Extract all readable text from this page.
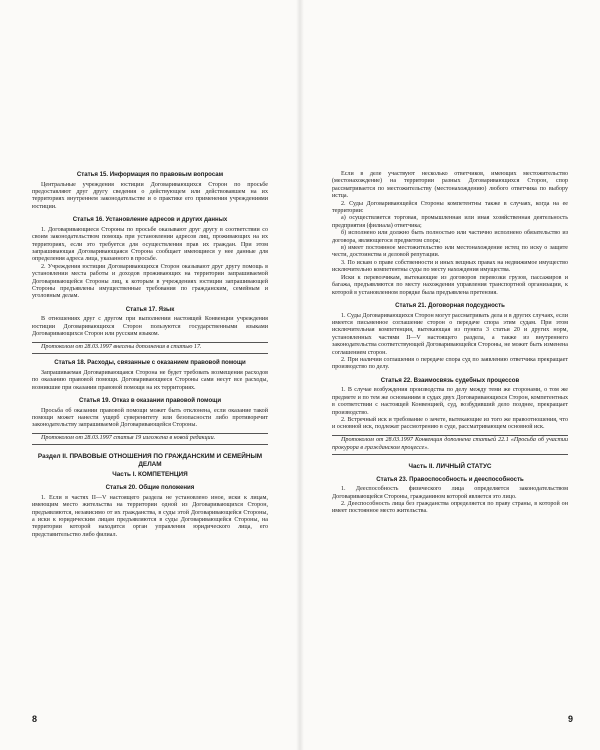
Статья 15. Информация по правовым вопросам

Центральные учреждения юстиции Договаривающихся Сторон по просьбе предоставляют друг другу сведения о действующем или действовавшем на их территориях внутреннем законодательстве и о практике его применения учреждениями юстиции.

Статья 16. Установление адресов и других данных

1. Договаривающиеся Стороны по просьбе оказывают друг другу в соответствии со своим законодательством помощь при установлении адресов лиц, проживающих на их территориях, если это требуется для осуществления прав их граждан. При этом запрашивающая Договаривающаяся Сторона сообщает имеющиеся у нее данные для определения адреса лица, указанного в просьбе.

2. Учреждения юстиции Договаривающихся Сторон оказывают друг другу помощь в установлении места работы и доходов проживающих на территории запрашиваемой Договаривающейся Стороны лиц, к которым в учреждениях юстиции запрашивающей Стороны предъявлены имущественные требования по гражданским, семейным и уголовным делам.

Статья 17. Язык

В отношениях друг с другом при выполнении настоящей Конвенции учреждения юстиции Договаривающихся Сторон пользуются государственными языками Договаривающихся Сторон или русским языком.

Протоколом от 28.03.1997 внесены дополнения в статью 17.
Статья 18. Расходы, связанные с оказанием правовой помощи

Запрашиваемая Договаривающаяся Сторона не будет требовать возмещения расходов по оказанию правовой помощи. Договаривающиеся Стороны сами несут все расходы, возникшие при оказании правовой помощи на их территориях.

Статья 19. Отказ в оказании правовой помощи

Просьба об оказании правовой помощи может быть отклонена, если оказание такой помощи может нанести ущерб суверенитету или безопасности либо противоречит законодательству запрашиваемой Договаривающейся Стороны.

Протоколом от 28.03.1997 статья 19 изложена в новой редакции.
Раздел II. ПРАВОВЫЕ ОТНОШЕНИЯ ПО ГРАЖДАНСКИМ И СЕМЕЙНЫМ ДЕЛАМ
Часть I. КОМПЕТЕНЦИЯ
Статья 20. Общие положения

1. Если в частях II—V настоящего раздела не установлено иное, иски к лицам, имеющим место жительства на территории одной из Договаривающихся Сторон, предъявляются, независимо от их гражданства, в суды этой Договаривающейся Стороны, а иски к юридическим лицам предъявляются в суды Договаривающейся Стороны, на территории которой находится орган управления юридического лица, его представительство либо филиал.

8

Если в деле участвуют несколько ответчиков, имеющих местожительство (местонахождение) на территории разных Договаривающихся Сторон, спор рассматривается по местожительству (местонахождению) любого ответчика по выбору истца.

2. Суды Договаривающейся Стороны компетентны также в случаях, когда на ее территории:

а) осуществляется торговая, промышленная или иная хозяйственная деятельность предприятия (филиала) ответчика;

б) исполнено или должно быть полностью или частично исполнено обязательство из договора, являющегося предметом спора;

в) имеет постоянное местожительство или местонахождение истец по иску о защите чести, достоинства и деловой репутации.

3. По искам о праве собственности и иных вещных правах на недвижимое имущество исключительно компетентны суды по месту нахождения имущества.

Иски к перевозчикам, вытекающие из договоров перевозки грузов, пассажиров и багажа, предъявляются по месту нахождения управления транспортной организации, к которой в установленном порядке была предъявлена претензия.

Статья 21. Договорная подсудность

1. Суды Договаривающихся Сторон могут рассматривать дела и в других случаях, если имеется письменное соглашение сторон о передаче спора этим судам. При этом исключительная компетенция, вытекающая из пункта 3 статьи 20 и других норм, установленных частями II—V настоящего раздела, а также из внутреннего законодательства соответствующей Договаривающейся Стороны, не может быть изменена соглашением сторон.

2. При наличии соглашения о передаче спора суд по заявлению ответчика прекращает производство по делу.

Статья 22. Взаимосвязь судебных процессов

1. В случае возбуждения производства по делу между теми же сторонами, о том же предмете и по тем же основаниям в судах двух Договаривающихся Сторон, компетентных в соответствии с настоящей Конвенцией, суд, возбудивший дело позднее, прекращает производство.

2. Встречный иск и требование о зачете, вытекающие из того же правоотношения, что и основной иск, подлежат рассмотрению в суде, рассматривающем основной иск.

Протоколом от 28.03.1997 Конвенция дополнена статьей 22.1 «Просьба об участии прокурора в гражданском процессе».
Часть II. ЛИЧНЫЙ СТАТУС
Статья 23. Правоспособность и дееспособность

1. Дееспособность физического лица определяется законодательством Договаривающейся Стороны, гражданином которой является это лицо.

2. Дееспособность лица без гражданства определяется по праву страны, в которой он имеет постоянное место жительства.

9
